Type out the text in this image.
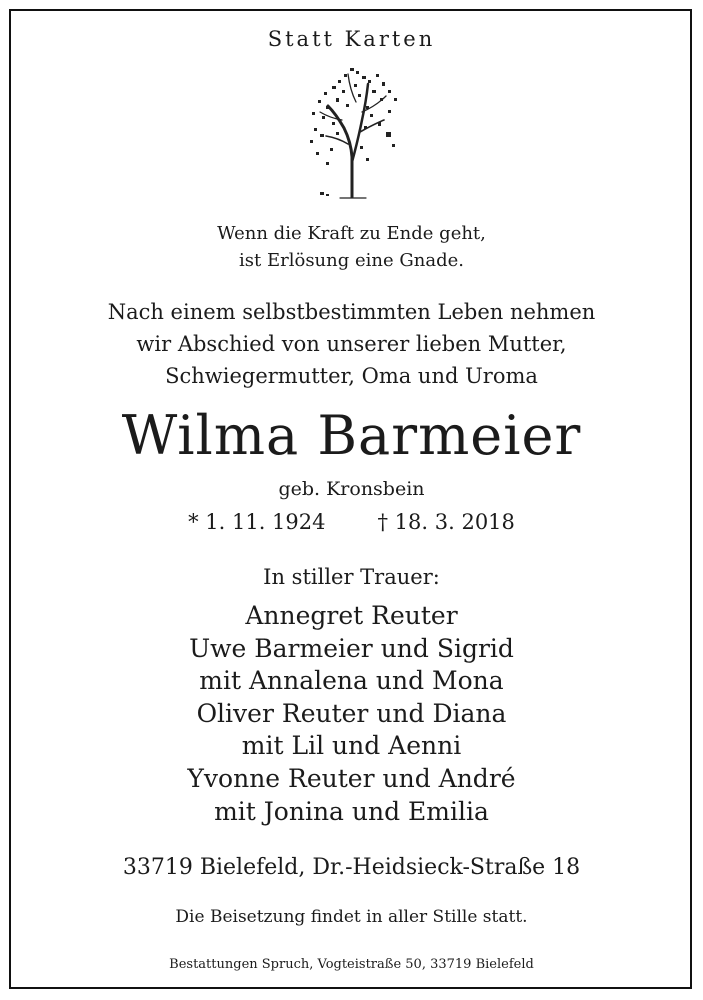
Statt Karten
Wenn die Kraft zu Ende geht,
ist Erlösung eine Gnade.
Nach einem selbstbestimmten Leben nehmen
wir Abschied von unserer lieben Mutter,
Schwiegermutter, Oma und Uroma
Wilma Barmeier
geb. Kronsbein
* 1. 11. 1924 † 18. 3. 2018
In stiller Trauer:
Annegret Reuter
Uwe Barmeier und Sigrid
mit Annalena und Mona
Oliver Reuter und Diana
mit Lil und Aenni
Yvonne Reuter und André
mit Jonina und Emilia
33719 Bielefeld, Dr.-Heidsieck-Straße 18
Die Beisetzung findet in aller Stille statt.
Bestattungen Spruch, Vogteistraße 50, 33719 Bielefeld
